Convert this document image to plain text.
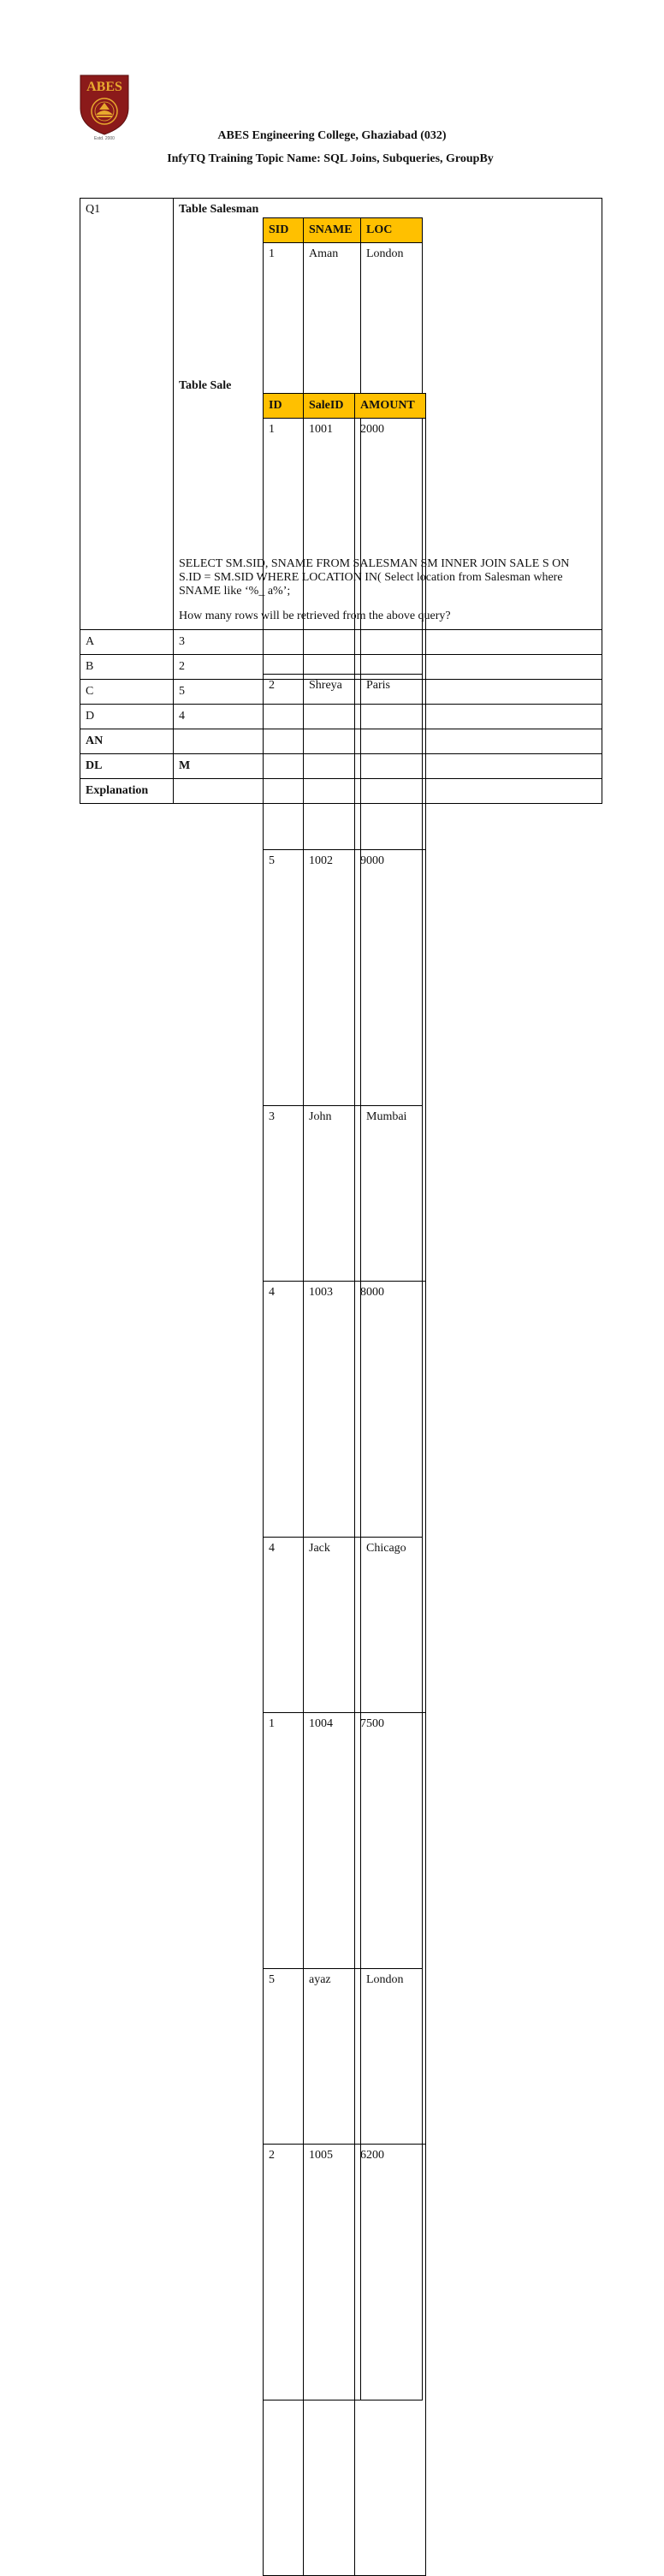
ABES
Estd. 2000	ABES Engineering College, Ghaziabad (032)
InfyTQ Training Topic Name: SQL Joins, Subqueries, GroupBy
Q1	Table Salesman
SID	SNAME	LOC
1	Aman	London
2	Shreya	Paris
3	John	Mumbai
4	Jack	Chicago
5	ayaz	London
Table Sale
ID	SaleID	AMOUNT
1	1001	2000
5	1002	9000
4	1003	8000
1	1004	7500
2	1005	6200
SELECT SM.SID, SNAME FROM SALESMAN SM INNER JOIN SALE S ON
S.ID = SM.SID WHERE LOCATION IN( Select location from Salesman where
SNAME like ‘%_ a%’;
How many rows will be retrieved from the above query?

A	3
B	2
C	5
D	4
AN	
DL	M
Explanation	
